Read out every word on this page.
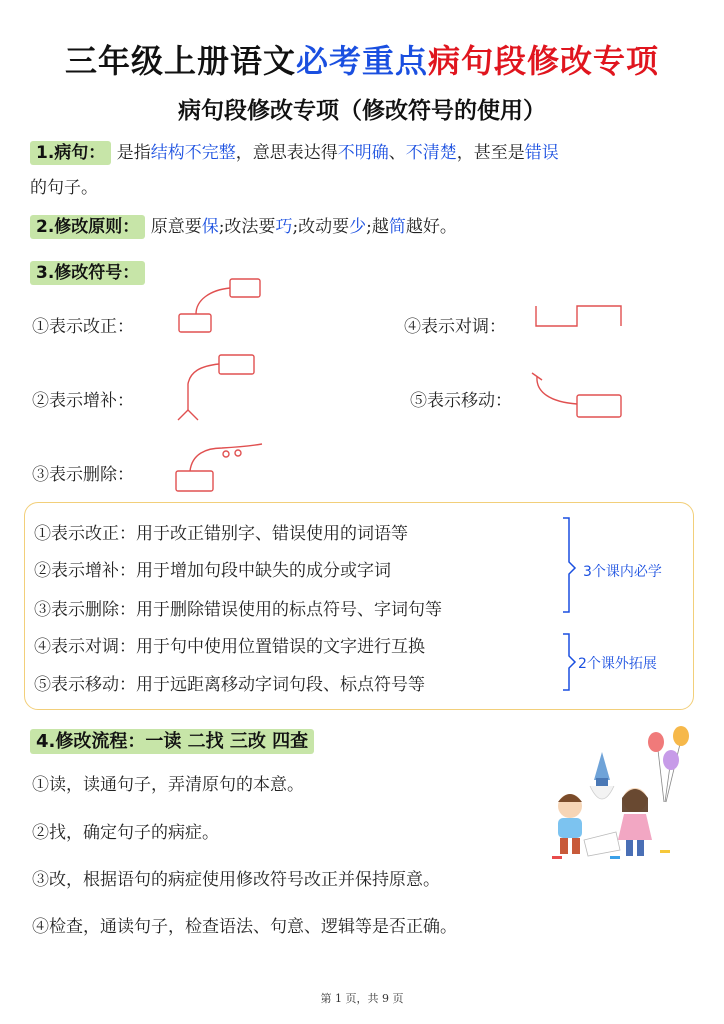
三年级上册语文必考重点病句段修改专项
病句段修改专项（修改符号的使用）
1.病句： 是指结构不完整，意思表达得不明确、不清楚，甚至是错误
的句子。
2.修改原则： 原意要保;改法要巧;改动要少;越简越好。
3.修改符号：
①表示改正：	④表示对调：
②表示增补：	⑤表示移动：
③表示删除：
①表示改正：用于改正错别字、错误使用的词语等
②表示增补：用于增加句段中缺失的成分或字词
③表示删除：用于删除错误使用的标点符号、字词句等
④表示对调：用于句中使用位置错误的文字进行互换
⑤表示移动：用于远距离移动字词句段、标点符号等
3个课内必学
2个课外拓展
4.修改流程：一读 二找 三改 四查
①读，读通句子，弄清原句的本意。
②找，确定句子的病症。
③改，根据语句的病症使用修改符号改正并保持原意。
④检查，通读句子，检查语法、句意、逻辑等是否正确。
第 1 页，共 9 页
